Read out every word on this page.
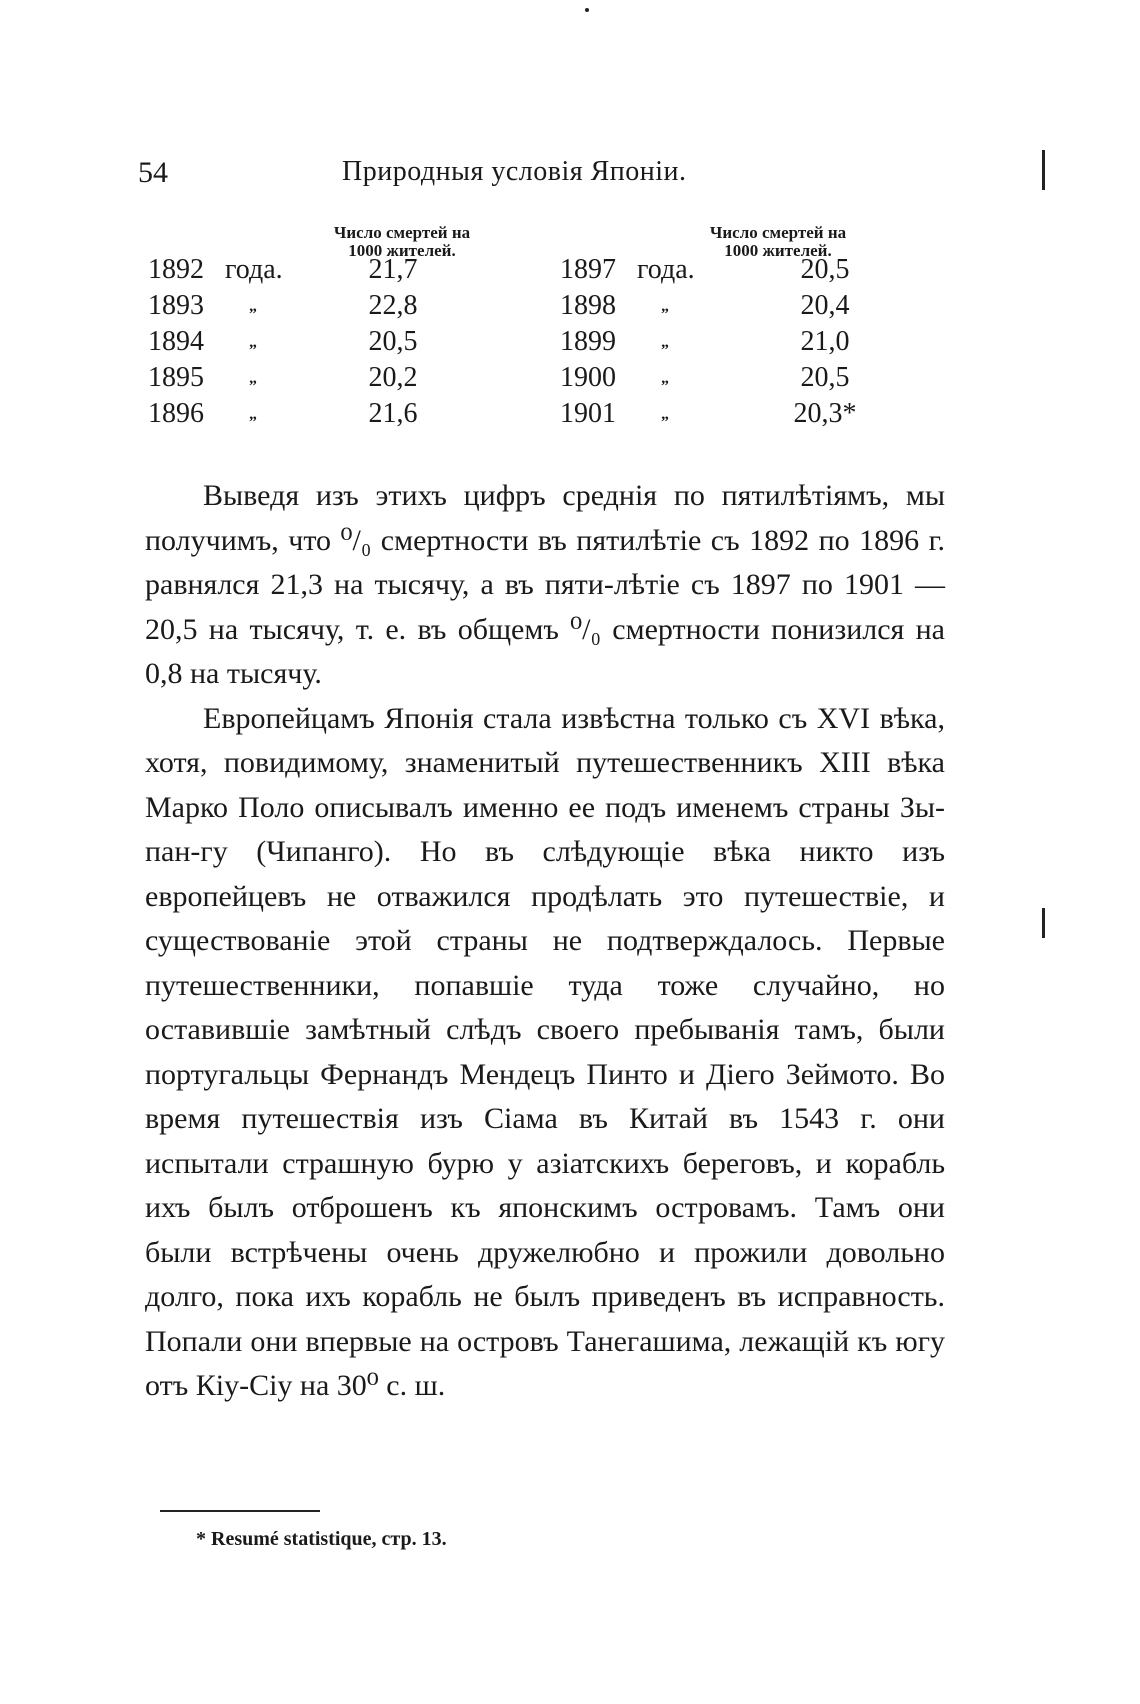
54	Природныя условія Японіи.
Число смертей на
1000 жителей.
Число смертей на
1000 жителей.
1892 года.	21,7
1893	„	22,8
1894	„	20,5
1895	„	20,2
1896	„	21,6
1897 года.	20,5
1898	„	20,4
1899	„	21,0
1900	„	20,5
1901	„	20,3*

Выведя изъ этихъ цифръ среднія по пятилѣтіямъ, мы получимъ, что ⁰/₀ смертности въ пятилѣтіе съ 1892 по 1896 г. равнялся 21,3 на тысячу, а въ пяти-лѣтіе съ 1897 по 1901 — 20,5 на тысячу, т. е. въ общемъ ⁰/₀ смертности понизился на 0,8 на тысячу.

Европейцамъ Японія стала извѣстна только съ XVI вѣка, хотя, повидимому, знаменитый путешественникъ XIII вѣка Марко Поло описывалъ именно ее подъ именемъ страны Зы-пан-гу (Чипанго). Но въ слѣдующіе вѣка никто изъ европейцевъ не отважился продѣлать это путешествіе, и существованіе этой страны не подтверждалось. Первые путешественники, попавшіе туда тоже случайно, но оставившіе замѣтный слѣдъ своего пребыванія тамъ, были португальцы Фернандъ Мендецъ Пинто и Діего Зеймото. Во время путешествія изъ Сіама въ Китай въ 1543 г. они испытали страшную бурю у азіатскихъ береговъ, и корабль ихъ былъ отброшенъ къ японскимъ островамъ. Тамъ они были встрѣчены очень дружелюбно и прожили довольно долго, пока ихъ корабль не былъ приведенъ въ исправность. Попали они впервые на островъ Танегашима, лежащій къ югу отъ Кіу-Сіу на 30⁰ с. ш.

* Resumé statistique, стр. 13.
